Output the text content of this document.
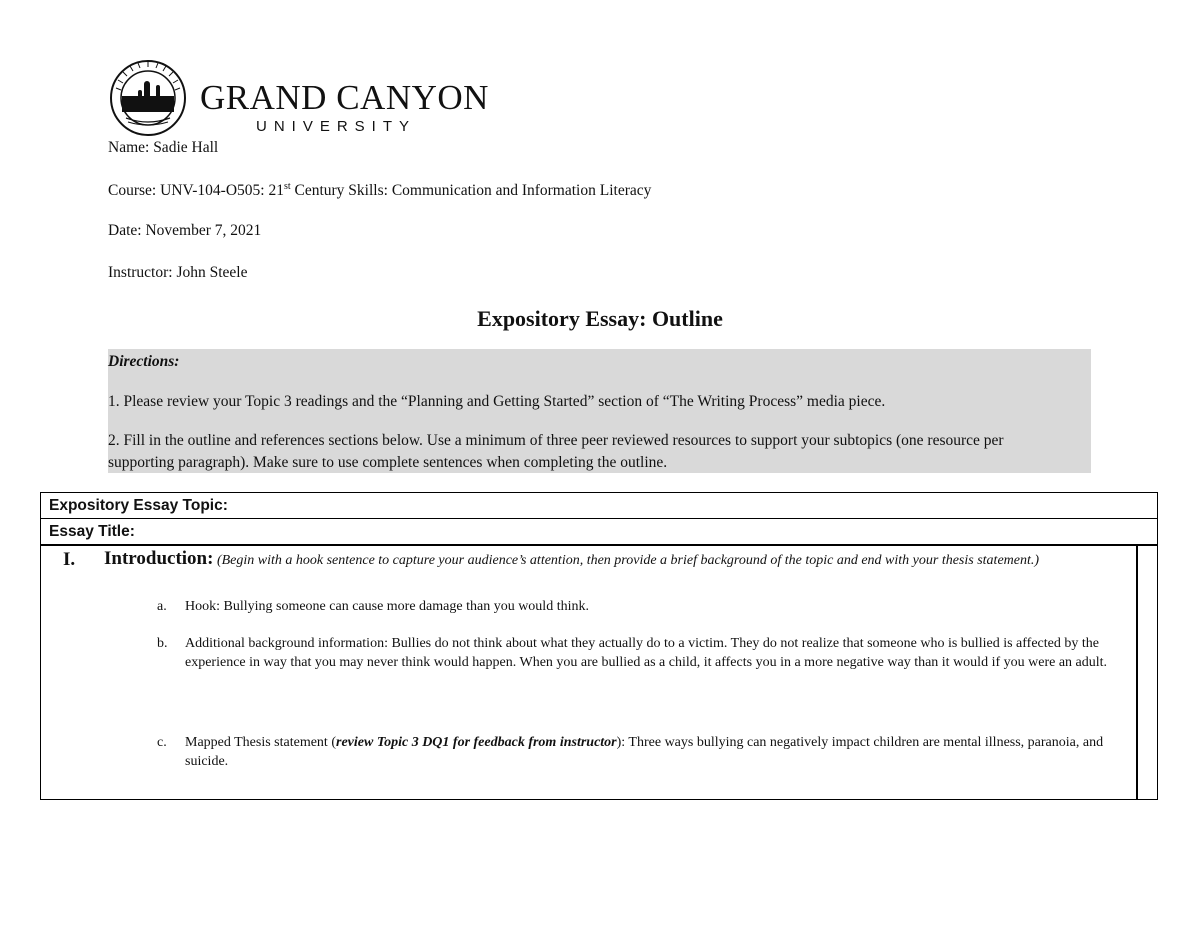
GRAND CANYON
UNIVERSITY
Name: Sadie Hall
Course: UNV-104-O505: 21st Century Skills: Communication and Information Literacy
Date: November 7, 2021
Instructor: John Steele
Expository Essay: Outline
Directions:
1. Please review your Topic 3 readings and the “Planning and Getting Started” section of “The Writing Process” media piece.
2. Fill in the outline and references sections below. Use a minimum of three peer reviewed resources to support your subtopics (one resource per supporting paragraph). Make sure to use complete sentences when completing the outline.
Expository Essay Topic:
Essay Title:
I. Introduction: (Begin with a hook sentence to capture your audience’s attention, then provide a brief background of the topic and end with your thesis statement.)
a. Hook: Bullying someone can cause more damage than you would think.
b. Additional background information: Bullies do not think about what they actually do to a victim. They do not realize that someone who is bullied is affected by the experience in way that you may never think would happen. When you are bullied as a child, it affects you in a more negative way than it would if you were an adult.
c. Mapped Thesis statement (review Topic 3 DQ1 for feedback from instructor): Three ways bullying can negatively impact children are mental illness, paranoia, and suicide.
